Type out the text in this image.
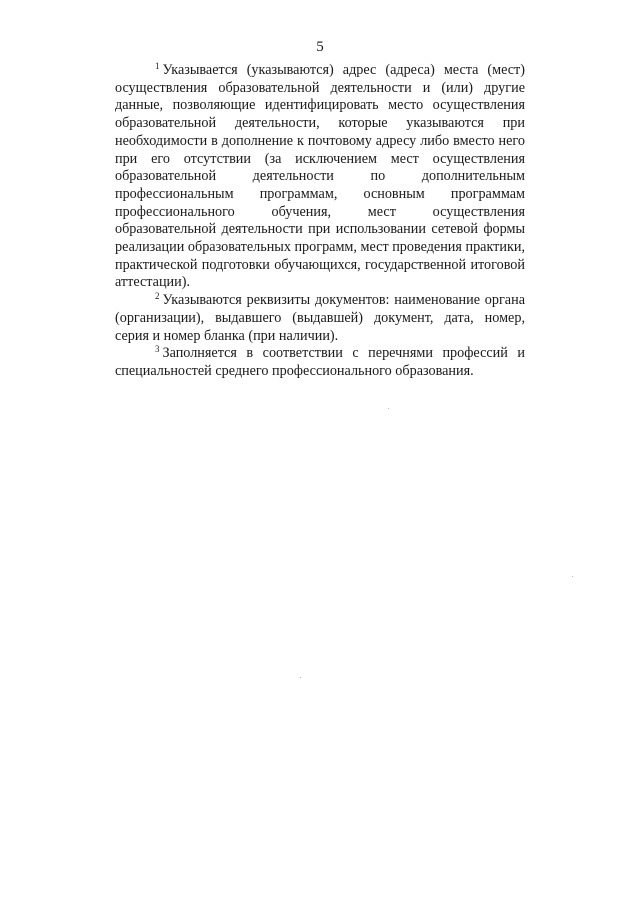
5

$^1$ Указывается (указываются) адрес (адреса) места (мест) осуществления образовательной деятельности и (или) другие данные, позволяющие идентифицировать место осуществления образовательной деятельности, которые указываются при необходимости в дополнение к почтовому адресу либо вместо него при его отсутствии (за исключением мест осуществления образовательной деятельности по дополнительным профессиональным программам, основным программам профессионального обучения, мест осуществления образовательной деятельности при использовании сетевой формы реализации образовательных программ, мест проведения практики, практической подготовки обучающихся, государственной итоговой аттестации).

$^2$ Указываются реквизиты документов: наименование органа (организации), выдавшего (выдавшей) документ, дата, номер, серия и номер бланка (при наличии).

$^3$ Заполняется в соответствии с перечнями профессий и специальностей среднего профессионального образования.
